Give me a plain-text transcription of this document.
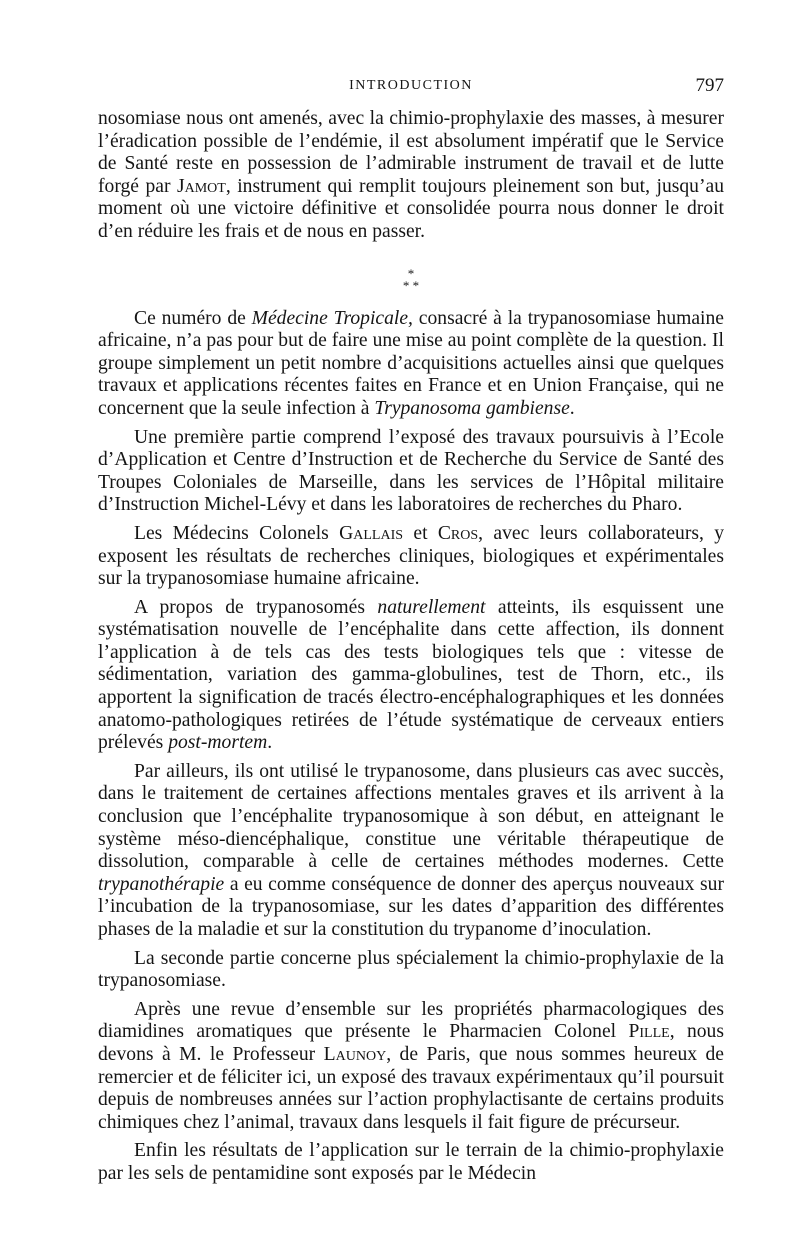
INTRODUCTION	797

nosomiase nous ont amenés, avec la chimio-prophylaxie des masses, à mesurer l’éradication possible de l’endémie, il est absolument impératif que le Service de Santé reste en possession de l’admirable instrument de travail et de lutte forgé par Jamot, instrument qui remplit toujours pleinement son but, jusqu’au moment où une victoire définitive et consolidée pourra nous donner le droit d’en réduire les frais et de nous en passer.

*
* *

Ce numéro de Médecine Tropicale, consacré à la trypanosomiase humaine africaine, n’a pas pour but de faire une mise au point complète de la question. Il groupe simplement un petit nombre d’acquisitions actuelles ainsi que quelques travaux et applications récentes faites en France et en Union Française, qui ne concernent que la seule infection à Trypanosoma gambiense.

Une première partie comprend l’exposé des travaux poursuivis à l’Ecole d’Application et Centre d’Instruction et de Recherche du Service de Santé des Troupes Coloniales de Marseille, dans les services de l’Hôpital militaire d’Instruction Michel-Lévy et dans les laboratoires de recherches du Pharo.

Les Médecins Colonels Gallais et Cros, avec leurs collaborateurs, y exposent les résultats de recherches cliniques, biologiques et expérimentales sur la trypanosomiase humaine africaine.

A propos de trypanosomés naturellement atteints, ils esquissent une systématisation nouvelle de l’encéphalite dans cette affection, ils donnent l’application à de tels cas des tests biologiques tels que : vitesse de sédimentation, variation des gamma-globulines, test de Thorn, etc., ils apportent la signification de tracés électro-encéphalographiques et les données anatomo-pathologiques retirées de l’étude systématique de cerveaux entiers prélevés post-mortem.

Par ailleurs, ils ont utilisé le trypanosome, dans plusieurs cas avec succès, dans le traitement de certaines affections mentales graves et ils arrivent à la conclusion que l’encéphalite trypanosomique à son début, en atteignant le système méso-diencéphalique, constitue une véritable thérapeutique de dissolution, comparable à celle de certaines méthodes modernes. Cette trypanothérapie a eu comme conséquence de donner des aperçus nouveaux sur l’incubation de la trypanosomiase, sur les dates d’apparition des différentes phases de la maladie et sur la constitution du trypanome d’inoculation.

La seconde partie concerne plus spécialement la chimio-prophylaxie de la trypanosomiase.

Après une revue d’ensemble sur les propriétés pharmacologiques des diamidines aromatiques que présente le Pharmacien Colonel Pille, nous devons à M. le Professeur Launoy, de Paris, que nous sommes heureux de remercier et de féliciter ici, un exposé des travaux expérimentaux qu’il poursuit depuis de nombreuses années sur l’action prophylactisante de certains produits chimiques chez l’animal, travaux dans lesquels il fait figure de précurseur.

Enfin les résultats de l’application sur le terrain de la chimio-prophylaxie par les sels de pentamidine sont exposés par le Médecin
